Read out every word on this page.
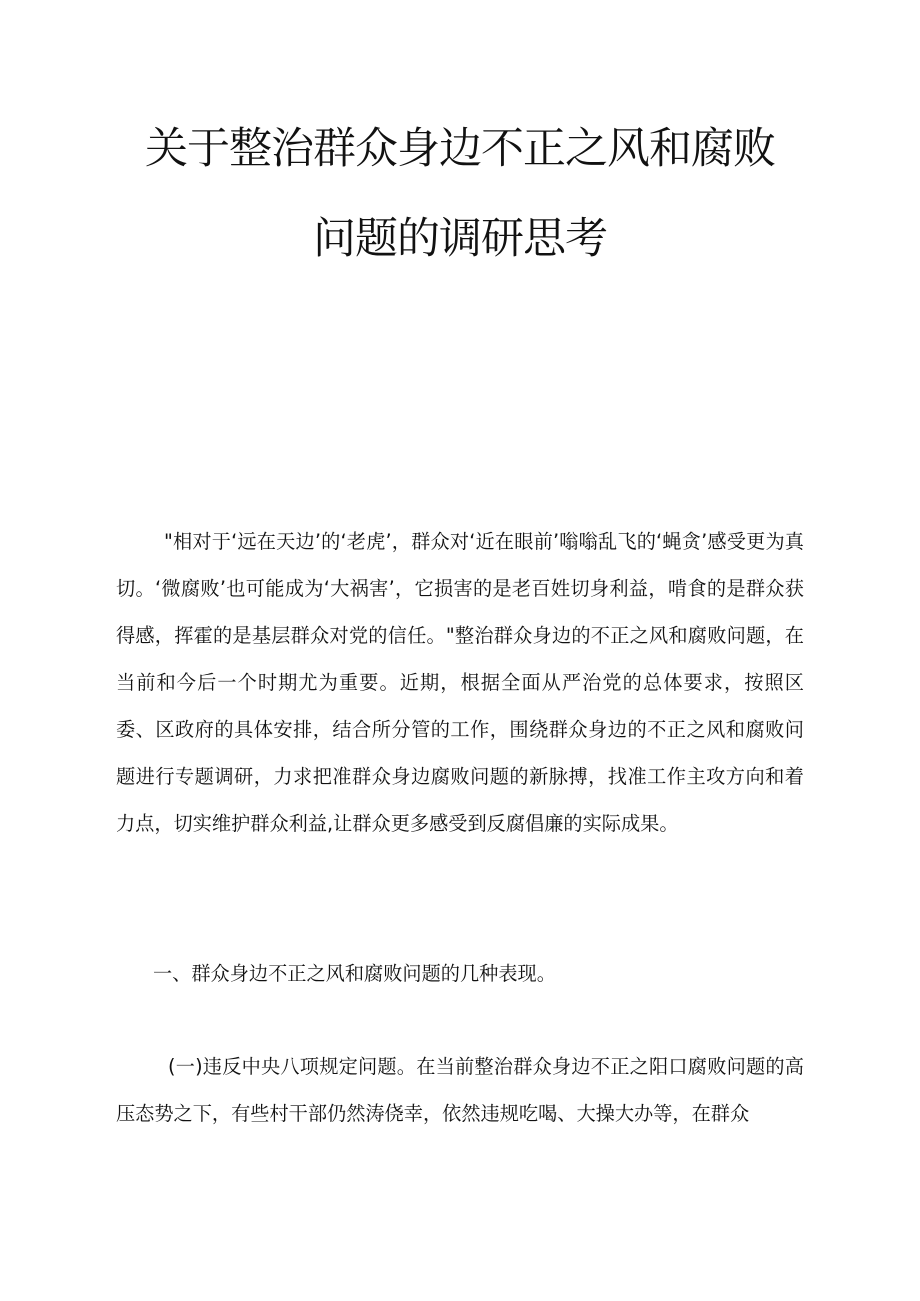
关于整治群众身边不正之风和腐败
问题的调研思考
"相对于‘远在天边’的‘老虎’，群众对‘近在眼前’嗡嗡乱飞的‘蝇贪’感受更为真切。‘微腐败’也可能成为‘大祸害’，它损害的是老百姓切身利益，啃食的是群众获得感，挥霍的是基层群众对党的信任。"整治群众身边的不正之风和腐败问题，在当前和今后一个时期尤为重要。近期，根据全面从严治党的总体要求，按照区委、区政府的具体安排，结合所分管的工作，围绕群众身边的不正之风和腐败问题进行专题调研，力求把准群众身边腐败问题的新脉搏，找准工作主攻方向和着力点，切实维护群众利益,让群众更多感受到反腐倡廉的实际成果。
一、群众身边不正之风和腐败问题的几种表现。
(一)违反中央八项规定问题。在当前整治群众身边不正之阳口腐败问题的高压态势之下，有些村干部仍然涛侥幸，依然违规吃喝、大操大办等，在群众
